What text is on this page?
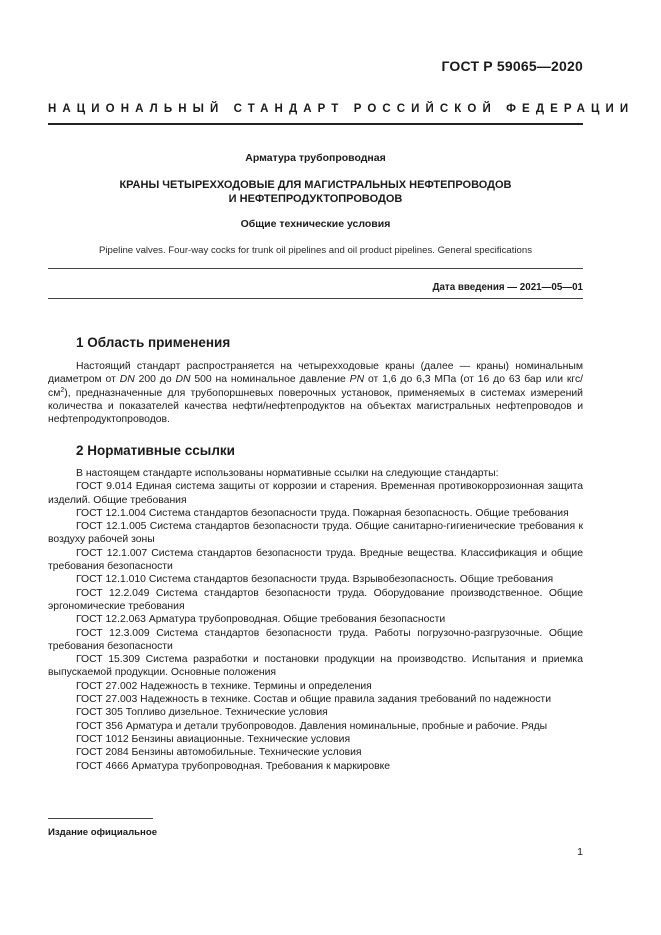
ГОСТ Р 59065—2020
НАЦИОНАЛЬНЫЙ СТАНДАРТ РОССИЙСКОЙ ФЕДЕРАЦИИ
Арматура трубопроводная
КРАНЫ ЧЕТЫРЕХХОДОВЫЕ ДЛЯ МАГИСТРАЛЬНЫХ НЕФТЕПРОВОДОВ
И НЕФТЕПРОДУКТОПРОВОДОВ
Общие технические условия
Pipeline valves. Four-way cocks for trunk oil pipelines and oil product pipelines. General specifications
Дата введения — 2021—05—01
1 Область применения

Настоящий стандарт распространяется на четырехходовые краны (далее — краны) номинальным диаметром от DN 200 до DN 500 на номинальное давление PN от 1,6 до 6,3 МПа (от 16 до 63 бар или кгс/$см^2$), предназначенные для трубопоршневых поверочных установок, применяемых в системах измерений количества и показателей качества нефти/нефтепродуктов на объектах магистральных нефтепроводов и нефтепродуктопроводов.

2 Нормативные ссылки
В настоящем стандарте использованы нормативные ссылки на следующие стандарты:
ГОСТ 9.014 Единая система защиты от коррозии и старения. Временная противокоррозионная защита изделий. Общие требования
ГОСТ 12.1.004 Система стандартов безопасности труда. Пожарная безопасность. Общие требования
ГОСТ 12.1.005 Система стандартов безопасности труда. Общие санитарно-гигиенические требования к воздуху рабочей зоны
ГОСТ 12.1.007 Система стандартов безопасности труда. Вредные вещества. Классификация и общие требования безопасности
ГОСТ 12.1.010 Система стандартов безопасности труда. Взрывобезопасность. Общие требования
ГОСТ 12.2.049 Система стандартов безопасности труда. Оборудование производственное. Общие эргономические требования
ГОСТ 12.2.063 Арматура трубопроводная. Общие требования безопасности
ГОСТ 12.3.009 Система стандартов безопасности труда. Работы погрузочно-разгрузочные. Общие требования безопасности
ГОСТ 15.309 Система разработки и постановки продукции на производство. Испытания и приемка выпускаемой продукции. Основные положения
ГОСТ 27.002 Надежность в технике. Термины и определения
ГОСТ 27.003 Надежность в технике. Состав и общие правила задания требований по надежности
ГОСТ 305 Топливо дизельное. Технические условия
ГОСТ 356 Арматура и детали трубопроводов. Давления номинальные, пробные и рабочие. Ряды
ГОСТ 1012 Бензины авиационные. Технические условия
ГОСТ 2084 Бензины автомобильные. Технические условия
ГОСТ 4666 Арматура трубопроводная. Требования к маркировке
Издание официальное
1
